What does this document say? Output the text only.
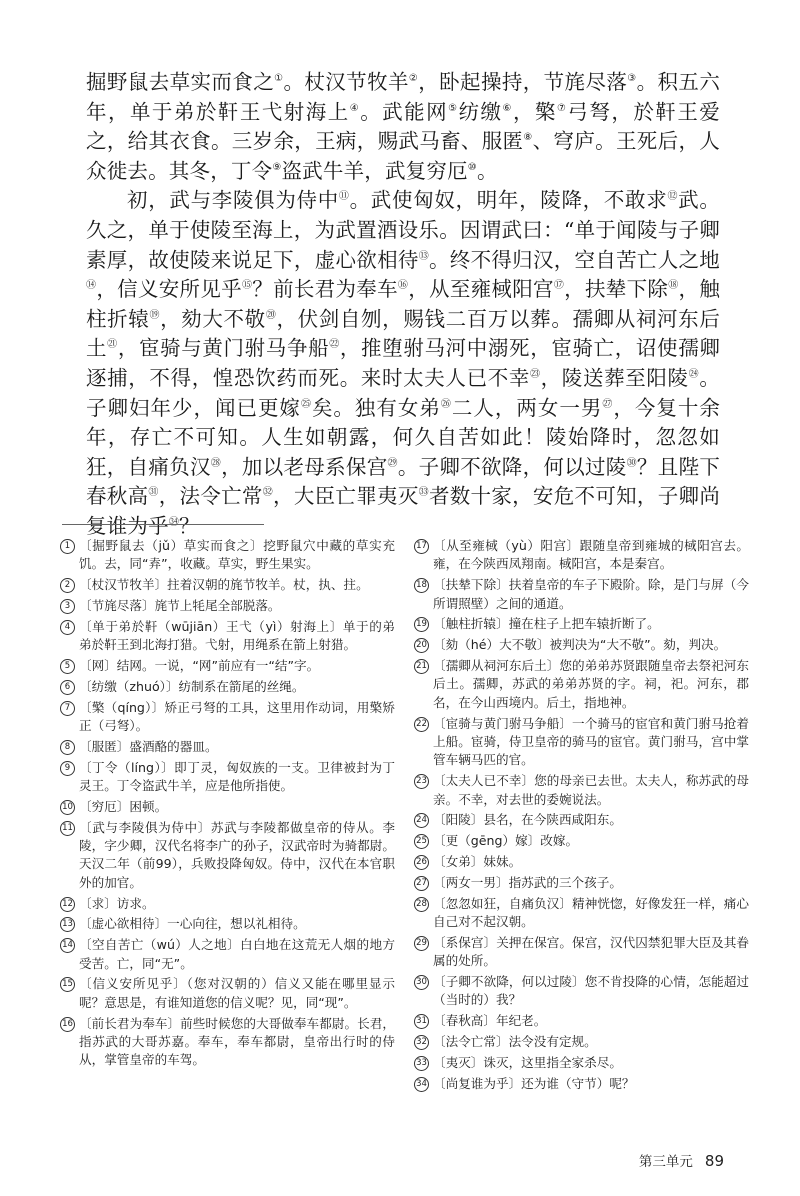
掘野鼠去草实而食之①。杖汉节牧羊②，卧起操持，节旄尽落③。积五六年，单于弟於靬王弋射海上④。武能网⑤纺缴⑥，檠⑦弓弩，於靬王爱之，给其衣食。三岁余，王病，赐武马畜、服匿⑧、穹庐。王死后，人众徙去。其冬，丁令⑨盗武牛羊，武复穷厄⑩。

初，武与李陵俱为侍中⑪。武使匈奴，明年，陵降，不敢求⑫武。久之，单于使陵至海上，为武置酒设乐。因谓武曰：“单于闻陵与子卿素厚，故使陵来说足下，虚心欲相待⑬。终不得归汉，空自苦亡人之地⑭，信义安所见乎⑮？前长君为奉车⑯，从至雍棫阳宫⑰，扶辇下除⑱，触柱折辕⑲，劾大不敬⑳，伏剑自刎，赐钱二百万以葬。孺卿从祠河东后土$^㉑$，宦骑与黄门驸马争船$^㉒$，推堕驸马河中溺死，宦骑亡，诏使孺卿逐捕，不得，惶恐饮药而死。来时太夫人已不幸$^㉓$，陵送葬至阳陵$^㉔$。子卿妇年少，闻已更嫁$^㉕$矣。独有女弟$^㉖$二人，两女一男$^㉗$，今复十余年，存亡不可知。人生如朝露，何久自苦如此！陵始降时，忽忽如狂，自痛负汉$^㉘$，加以老母系保宫$^㉙$。子卿不欲降，何以过陵$^㉚$？且陛下春秋高$^㉛$，法令亡常$^㉜$，大臣亡罪夷灭$^㉝$者数十家，安危不可知，子卿尚复谁为乎$^㉞$？

1 〔掘野鼠去（jǔ）草实而食之〕挖野鼠穴中藏的草实充饥。去，同“弆”，收藏。草实，野生果实。
2 〔杖汉节牧羊〕拄着汉朝的旄节牧羊。杖，执、拄。
3 〔节旄尽落〕旄节上牦尾全部脱落。
4 〔单于弟於靬（wūjiān）王弋（yì）射海上〕单于的弟弟於靬王到北海打猎。弋射，用绳系在箭上射猎。
5 〔网〕结网。一说，“网”前应有一“结”字。
6 〔纺缴（zhuó）〕纺制系在箭尾的丝绳。
7 〔檠（qíng）〕矫正弓弩的工具，这里用作动词，用檠矫正（弓弩）。
8 〔服匿〕盛酒酪的器皿。
9 〔丁令（líng）〕即丁灵，匈奴族的一支。卫律被封为丁灵王。丁令盗武牛羊，应是他所指使。
10 〔穷厄〕困顿。
11 〔武与李陵俱为侍中〕苏武与李陵都做皇帝的侍从。李陵，字少卿，汉代名将李广的孙子，汉武帝时为骑都尉。天汉二年（前99），兵败投降匈奴。侍中，汉代在本官职外的加官。
12 〔求〕访求。
13 〔虚心欲相待〕一心向往，想以礼相待。
14 〔空自苦亡（wú）人之地〕白白地在这荒无人烟的地方受苦。亡，同“无”。
15 〔信义安所见乎〕（您对汉朝的）信义又能在哪里显示呢？意思是，有谁知道您的信义呢？见，同“现”。
16 〔前长君为奉车〕前些时候您的大哥做奉车都尉。长君，指苏武的大哥苏嘉。奉车，奉车都尉，皇帝出行时的侍从，掌管皇帝的车驾。
17 〔从至雍棫（yù）阳宫〕跟随皇帝到雍城的棫阳宫去。雍，在今陕西凤翔南。棫阳宫，本是秦宫。
18 〔扶辇下除〕扶着皇帝的车子下殿阶。除，是门与屏（今所谓照壁）之间的通道。
19 〔触柱折辕〕撞在柱子上把车辕折断了。
20 〔劾（hé）大不敬〕被判决为“大不敬”。劾，判决。
21 〔孺卿从祠河东后土〕您的弟弟苏贤跟随皇帝去祭祀河东后土。孺卿，苏武的弟弟苏贤的字。祠，祀。河东，郡名，在今山西境内。后土，指地神。
22 〔宦骑与黄门驸马争船〕一个骑马的宦官和黄门驸马抢着上船。宦骑，侍卫皇帝的骑马的宦官。黄门驸马，宫中掌管车辆马匹的官。
23 〔太夫人已不幸〕您的母亲已去世。太夫人，称苏武的母亲。不幸，对去世的委婉说法。
24 〔阳陵〕县名，在今陕西咸阳东。
25 〔更（gēng）嫁〕改嫁。
26 〔女弟〕妹妹。
27 〔两女一男〕指苏武的三个孩子。
28 〔忽忽如狂，自痛负汉〕精神恍惚，好像发狂一样，痛心自己对不起汉朝。
29 〔系保宫〕关押在保宫。保宫，汉代囚禁犯罪大臣及其眷属的处所。
30 〔子卿不欲降，何以过陵〕您不肯投降的心情，怎能超过（当时的）我？
31 〔春秋高〕年纪老。
32 〔法令亡常〕法令没有定规。
33 〔夷灭〕诛灭，这里指全家杀尽。
34 〔尚复谁为乎〕还为谁（守节）呢？
第三单元 89
